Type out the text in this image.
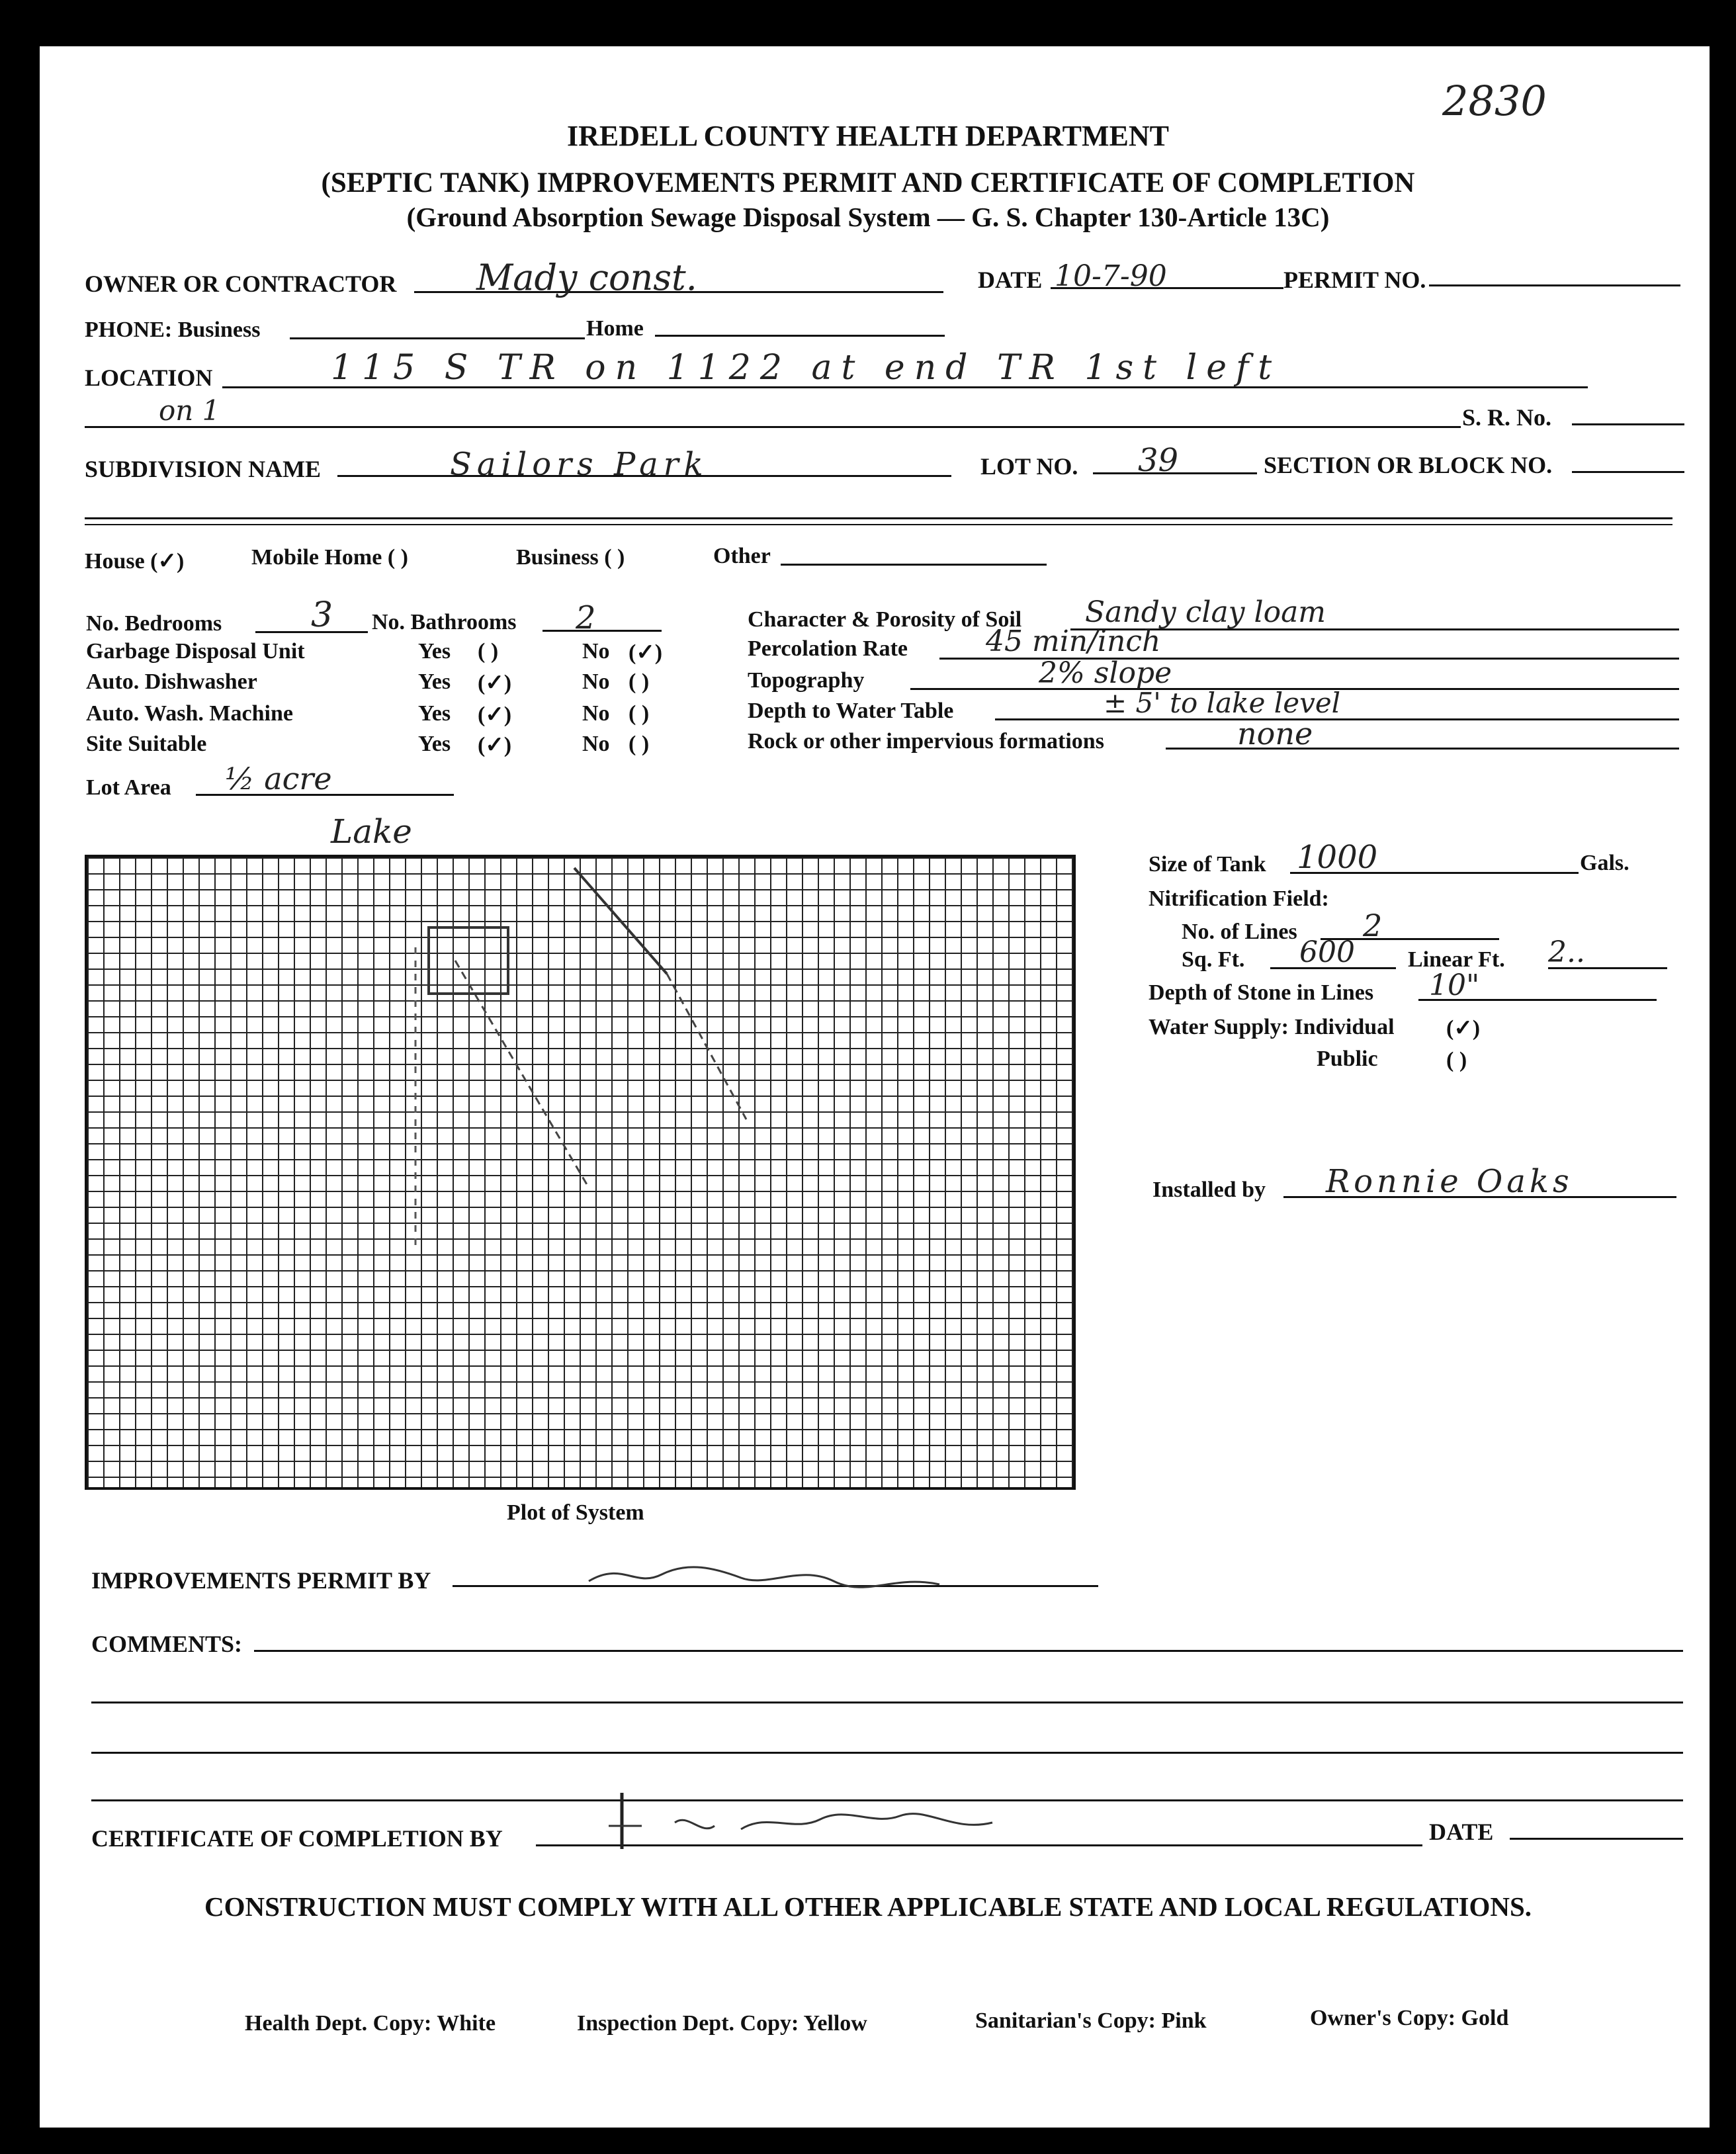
2830
IREDELL COUNTY HEALTH DEPARTMENT
(SEPTIC TANK) IMPROVEMENTS PERMIT AND CERTIFICATE OF COMPLETION
(Ground Absorption Sewage Disposal System — G. S. Chapter 130-Article 13C)
OWNER OR CONTRACTOR Mady const.	DATE 10-7-90	PERMIT NO.
PHONE: Business	Home
LOCATION	115 S TR on 1122 at end TR 1st left
on 1	S. R. No.
SUBDIVISION NAME	Sailors Park	LOT NO. 39	SECTION OR BLOCK NO.
House (✓)	Mobile Home ( )	Business ( )	Other
No. Bedrooms	3 No. Bathrooms 2
Garbage Disposal Unit	Yes ( )	No (✓)
Auto. Dishwasher	Yes (✓)	No ( )
Auto. Wash. Machine	Yes (✓)	No ( )
Site Suitable	Yes (✓)	No ( )
Lot Area ½ acre
Character & Porosity of Soil Sandy clay loam
Percolation Rate	45 min/inch
Topography	2% slope
Depth to Water Table	± 5' to lake level
Rock or other impervious formations	none
Lake
Plot of System
Size of Tank 1000	Gals.
Nitrification Field:
No. of Lines 2
Sq. Ft. 600 Linear Ft. 2..
Depth of Stone in Lines 10"
Water Supply: Individual (✓)
Public	( )
Installed by Ronnie Oaks
IMPROVEMENTS PERMIT BY
COMMENTS:
CERTIFICATE OF COMPLETION BY	DATE
CONSTRUCTION MUST COMPLY WITH ALL OTHER APPLICABLE STATE AND LOCAL REGULATIONS.
Health Dept. Copy: White	Inspection Dept. Copy: Yellow	Sanitarian's Copy: Pink	Owner's Copy: Gold
